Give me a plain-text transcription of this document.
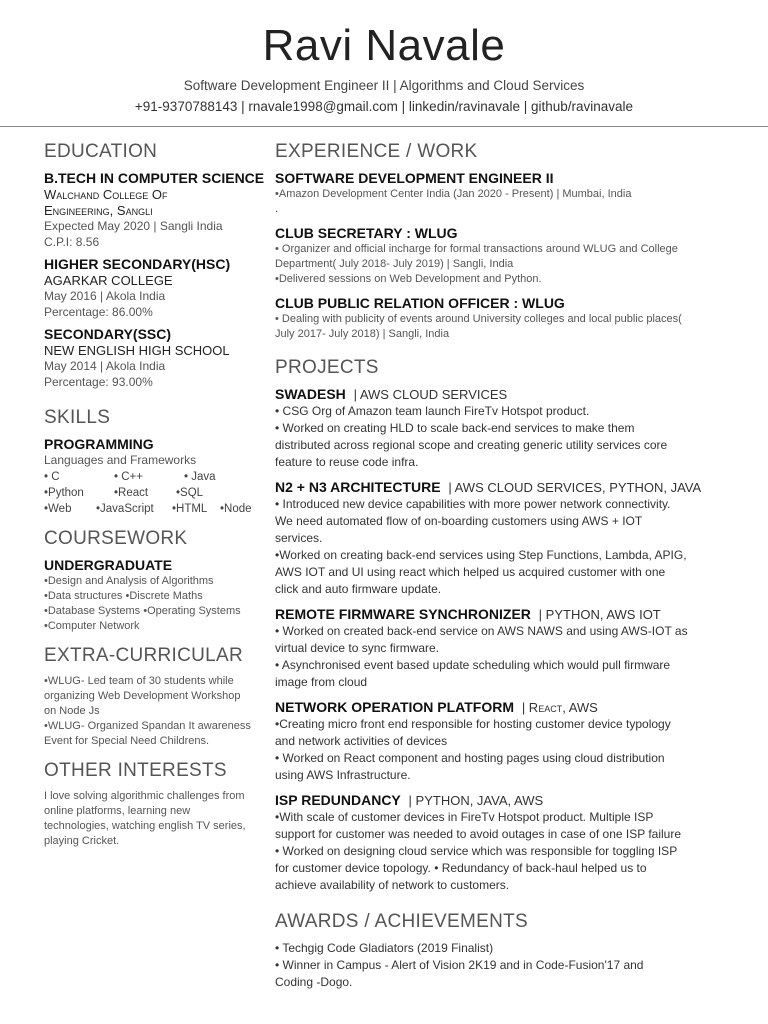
Ravi Navale
Software Development Engineer II | Algorithms and Cloud Services
+91-9370788143 | rnavale1998@gmail.com | linkedin/ravinavale | github/ravinavale
EDUCATION
B.TECH IN COMPUTER SCIENCE
Walchand College Of
Engineering, Sangli
Expected May 2020 | Sangli India
C.P.I: 8.56
HIGHER SECONDARY(HSC)
AGARKAR COLLEGE
May 2016 | Akola India
Percentage: 86.00%
SECONDARY(SSC)
NEW ENGLISH HIGH SCHOOL
May 2014 | Akola India
Percentage: 93.00%
SKILLS
PROGRAMMING
Languages and Frameworks
• C	• C++	• Java
•Python	•React	•SQL
•Web	•JavaScript	•HTML	•Node
COURSEWORK
UNDERGRADUATE
•Design and Analysis of Algorithms
•Data structures •Discrete Maths
•Database Systems •Operating Systems
•Computer Network
EXTRA-CURRICULAR
•WLUG- Led team of 30 students while
organizing Web Development Workshop
on Node Js
•WLUG- Organized Spandan It awareness
Event for Special Need Childrens.
OTHER INTERESTS
I love solving algorithmic challenges from
online platforms, learning new
technologies, watching english TV series,
playing Cricket.
EXPERIENCE / WORK
SOFTWARE DEVELOPMENT ENGINEER II
•Amazon Development Center India (Jan 2020 - Present) | Mumbai, India
.
CLUB SECRETARY : WLUG
• Organizer and official incharge for formal transactions around WLUG and College
Department( July 2018- July 2019) | Sangli, India
•Delivered sessions on Web Development and Python.
CLUB PUBLIC RELATION OFFICER : WLUG
• Dealing with publicity of events around University colleges and local public places(
July 2017- July 2018) | Sangli, India
PROJECTS
SWADESH | AWS CLOUD SERVICES
• CSG Org of Amazon team launch FireTv Hotspot product.
• Worked on creating HLD to scale back-end services to make them
distributed across regional scope and creating generic utility services core
feature to reuse code infra.
N2 + N3 ARCHITECTURE | AWS CLOUD SERVICES, PYTHON, JAVA
• Introduced new device capabilities with more power network connectivity.
We need automated flow of on-boarding customers using AWS + IOT
services.
•Worked on creating back-end services using Step Functions, Lambda, APIG,
AWS IOT and UI using react which helped us acquired customer with one
click and auto firmware update.
REMOTE FIRMWARE SYNCHRONIZER | PYTHON, AWS IOT
• Worked on created back-end service on AWS NAWS and using AWS-IOT as
virtual device to sync firmware.
• Asynchronised event based update scheduling which would pull firmware
image from cloud
NETWORK OPERATION PLATFORM | React, AWS
•Creating micro front end responsible for hosting customer device typology
and network activities of devices
• Worked on React component and hosting pages using cloud distribution
using AWS Infrastructure.
ISP REDUNDANCY | PYTHON, JAVA, AWS
•With scale of customer devices in FireTv Hotspot product. Multiple ISP
support for customer was needed to avoid outages in case of one ISP failure
• Worked on designing cloud service which was responsible for toggling ISP
for customer device topology. • Redundancy of back-haul helped us to
achieve availability of network to customers.
AWARDS / ACHIEVEMENTS
• Techgig Code Gladiators (2019 Finalist)
• Winner in Campus - Alert of Vision 2K19 and in Code-Fusion'17 and
Coding -Dogo.
